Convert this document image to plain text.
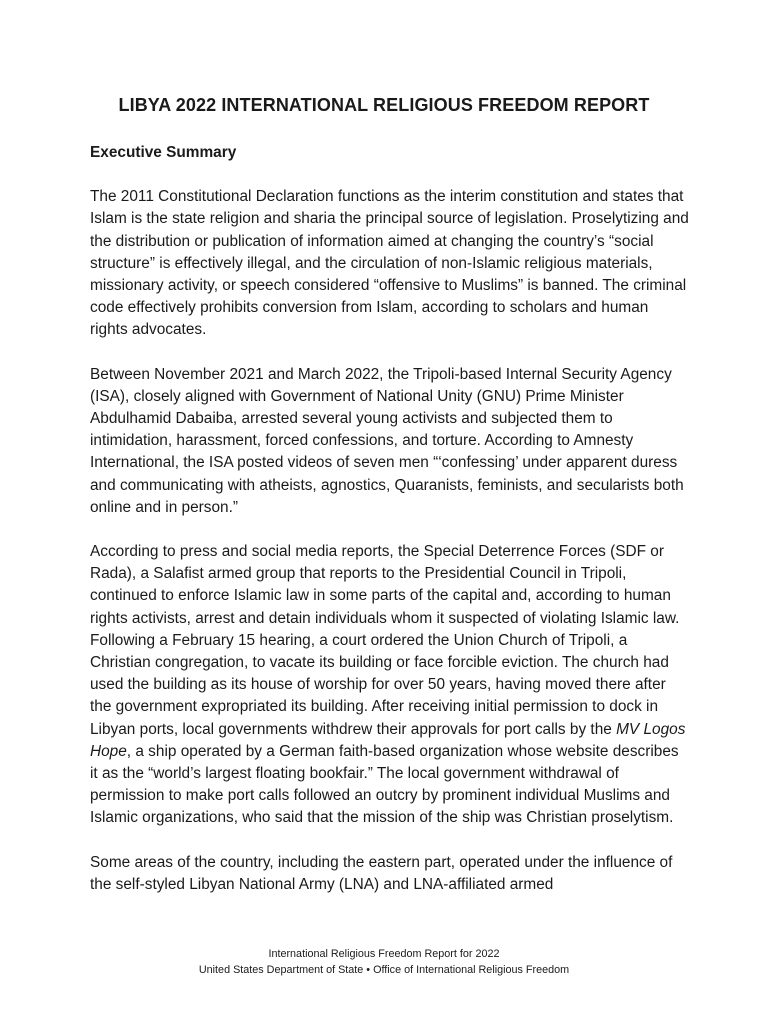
LIBYA 2022 INTERNATIONAL RELIGIOUS FREEDOM REPORT

Executive Summary

The 2011 Constitutional Declaration functions as the interim constitution and states that Islam is the state religion and sharia the principal source of legislation. Proselytizing and the distribution or publication of information aimed at changing the country’s “social structure” is effectively illegal, and the circulation of non-Islamic religious materials, missionary activity, or speech considered “offensive to Muslims” is banned. The criminal code effectively prohibits conversion from Islam, according to scholars and human rights advocates.

Between November 2021 and March 2022, the Tripoli-based Internal Security Agency (ISA), closely aligned with Government of National Unity (GNU) Prime Minister Abdulhamid Dabaiba, arrested several young activists and subjected them to intimidation, harassment, forced confessions, and torture. According to Amnesty International, the ISA posted videos of seven men “‘confessing’ under apparent duress and communicating with atheists, agnostics, Quaranists, feminists, and secularists both online and in person.”

According to press and social media reports, the Special Deterrence Forces (SDF or Rada), a Salafist armed group that reports to the Presidential Council in Tripoli, continued to enforce Islamic law in some parts of the capital and, according to human rights activists, arrest and detain individuals whom it suspected of violating Islamic law. Following a February 15 hearing, a court ordered the Union Church of Tripoli, a Christian congregation, to vacate its building or face forcible eviction. The church had used the building as its house of worship for over 50 years, having moved there after the government expropriated its building. After receiving initial permission to dock in Libyan ports, local governments withdrew their approvals for port calls by the MV Logos Hope, a ship operated by a German faith-based organization whose website describes it as the “world’s largest floating bookfair.” The local government withdrawal of permission to make port calls followed an outcry by prominent individual Muslims and Islamic organizations, who said that the mission of the ship was Christian proselytism.

Some areas of the country, including the eastern part, operated under the influence of the self-styled Libyan National Army (LNA) and LNA-affiliated armed

International Religious Freedom Report for 2022
United States Department of State • Office of International Religious Freedom
